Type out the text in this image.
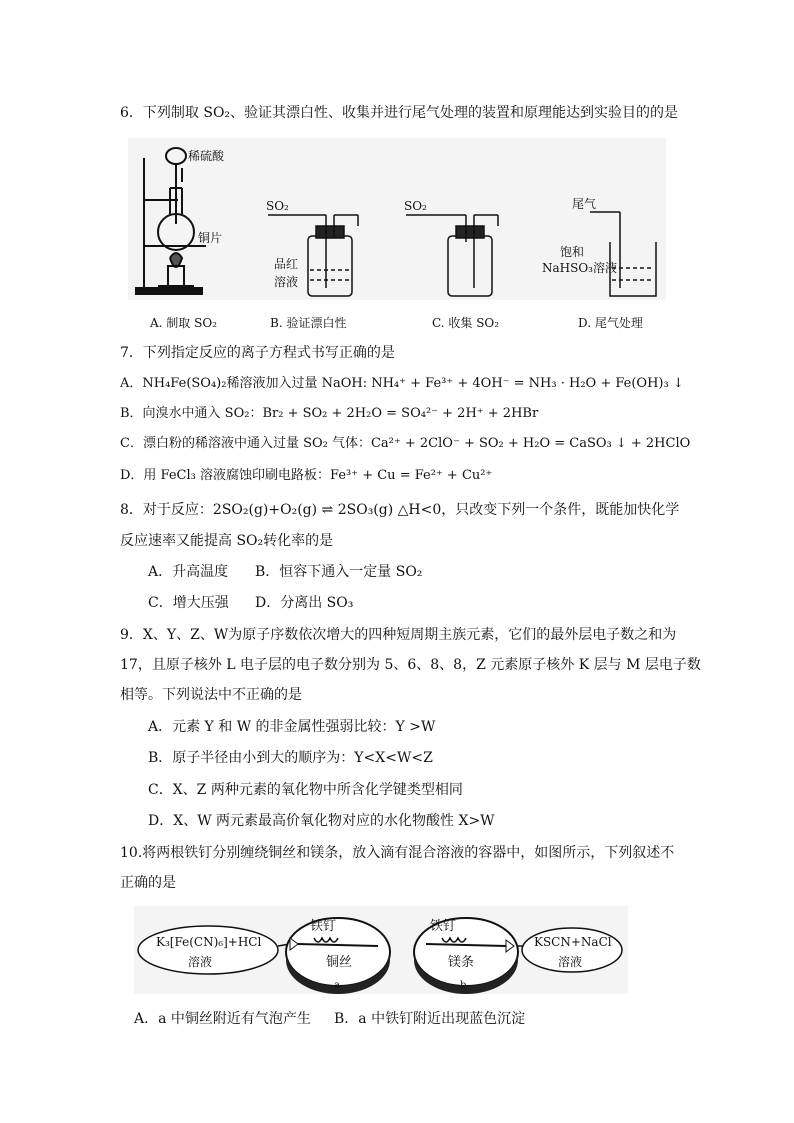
6．下列制取 SO₂、验证其漂白性、收集并进行尾气处理的装置和原理能达到实验目的的是
稀硫酸
铜片
SO₂
品红
溶液
SO₂	尾气
饱和
NaHSO₃溶液
A. 制取 SO₂	B. 验证漂白性	C. 收集 SO₂	D. 尾气处理
7．下列指定反应的离子方程式书写正确的是
A．NH₄Fe(SO₄)₂稀溶液加入过量 NaOH: NH₄⁺ + Fe³⁺ + 4OH⁻ = NH₃ · H₂O + Fe(OH)₃ ↓
B．向溴水中通入 SO₂：Br₂ + SO₂ + 2H₂O = SO₄²⁻ + 2H⁺ + 2HBr
C．漂白粉的稀溶液中通入过量 SO₂ 气体：Ca²⁺ + 2ClO⁻ + SO₂ + H₂O = CaSO₃ ↓ + 2HClO
D．用 FeCl₃ 溶液腐蚀印刷电路板：Fe³⁺ + Cu = Fe²⁺ + Cu²⁺
8．对于反应：2SO₂(g)+O₂(g) ⇌ 2SO₃(g) △H<0，只改变下列一个条件，既能加快化学
反应速率又能提高 SO₂转化率的是
A．升高温度 B．恒容下通入一定量 SO₂
C．增大压强 D．分离出 SO₃
9．X、Y、Z、W为原子序数依次增大的四种短周期主族元素，它们的最外层电子数之和为
17，且原子核外 L 电子层的电子数分别为 5、6、8、8，Z 元素原子核外 K 层与 M 层电子数
相等。下列说法中不正确的是
A．元素 Y 和 W 的非金属性强弱比较：Y >W
B．原子半径由小到大的顺序为：Y<X<W<Z
C．X、Z 两种元素的氧化物中所含化学键类型相同
D．X、W 两元素最高价氧化物对应的水化物酸性 X>W
10.将两根铁钉分别缠绕铜丝和镁条，放入滴有混合溶液的容器中，如图所示，下列叙述不
正确的是
K₃[Fe(CN)₆]+HCl
溶液
铁钉
铜丝
a
铁钉
镁条
b
KSCN+NaCl
溶液
A．a 中铜丝附近有气泡产生 B．a 中铁钉附近出现蓝色沉淀
